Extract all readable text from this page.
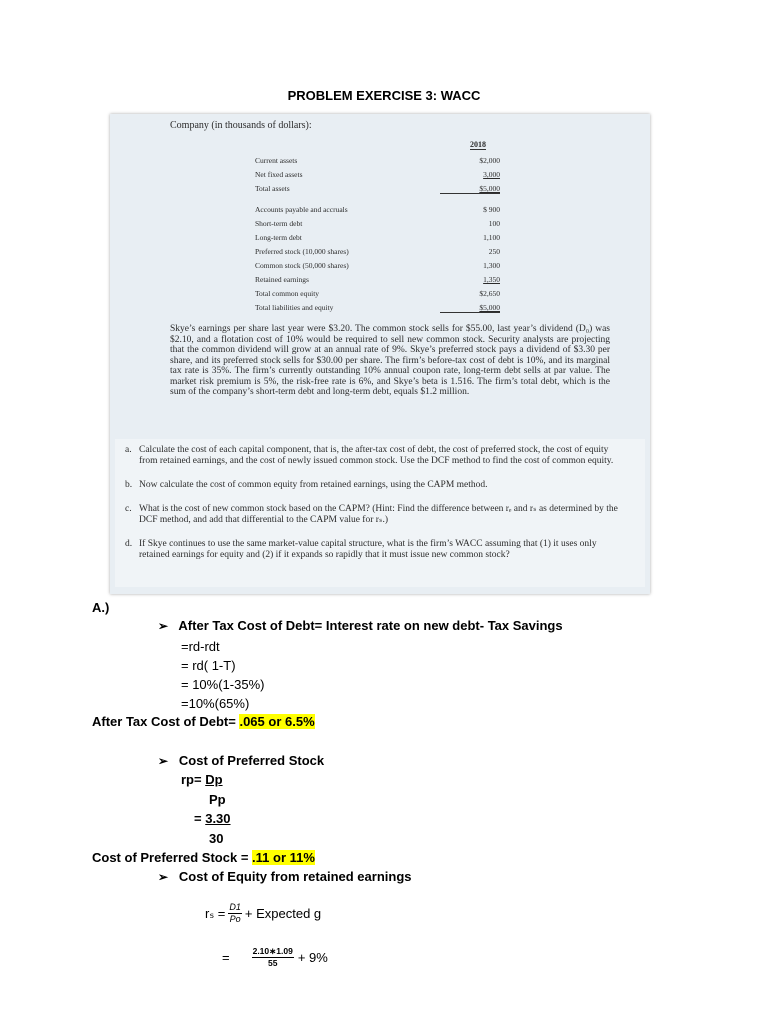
PROBLEM EXERCISE 3: WACC
Company (in thousands of dollars):
2018
Current assets	$2,000
Net fixed assets	3,000
Total assets	$5,000
Accounts payable and accruals	$ 900
Short-term debt	100
Long-term debt	1,100
Preferred stock (10,000 shares)	250
Common stock (50,000 shares)	1,300
Retained earnings	1,350
Total common equity	$2,650
Total liabilities and equity	$5,000
Skye’s earnings per share last year were $3.20. The common stock sells for $55.00, last year’s dividend (D₀) was $2.10, and a flotation cost of 10% would be required to sell new common stock. Security analysts are projecting that the common dividend will grow at an annual rate of 9%. Skye’s preferred stock pays a dividend of $3.30 per share, and its preferred stock sells for $30.00 per share. The firm’s before-tax cost of debt is 10%, and its marginal tax rate is 35%. The firm’s currently outstanding 10% annual coupon rate, long-term debt sells at par value. The market risk premium is 5%, the risk-free rate is 6%, and Skye’s beta is 1.516. The firm’s total debt, which is the sum of the company’s short-term debt and long-term debt, equals $1.2 million.
a. Calculate the cost of each capital component, that is, the after-tax cost of debt, the cost of preferred stock, the cost of equity from retained earnings, and the cost of newly issued common stock. Use the DCF method to find the cost of common equity.
b. Now calculate the cost of common equity from retained earnings, using the CAPM method.
c. What is the cost of new common stock based on the CAPM? (Hint: Find the difference between rₑ and rₛ as determined by the DCF method, and add that differential to the CAPM value for rₛ.)
d. If Skye continues to use the same market-value capital structure, what is the firm’s WACC assuming that (1) it uses only retained earnings for equity and (2) if it expands so rapidly that it must issue new common stock?
A.)
➢ After Tax Cost of Debt= Interest rate on new debt- Tax Savings
=rd-rdt
= rd( 1-T)
= 10%(1-35%)
=10%(65%)
After Tax Cost of Debt= .065 or 6.5%
➢ Cost of Preferred Stock
rp= Dp
Pp
= 3.30
30
Cost of Preferred Stock = .11 or 11%
➢ Cost of Equity from retained earnings
$r_s = \frac{D1}{Po}$ + Expected g
=	$\frac{2.10∗1.09}{55} + 9\%$
